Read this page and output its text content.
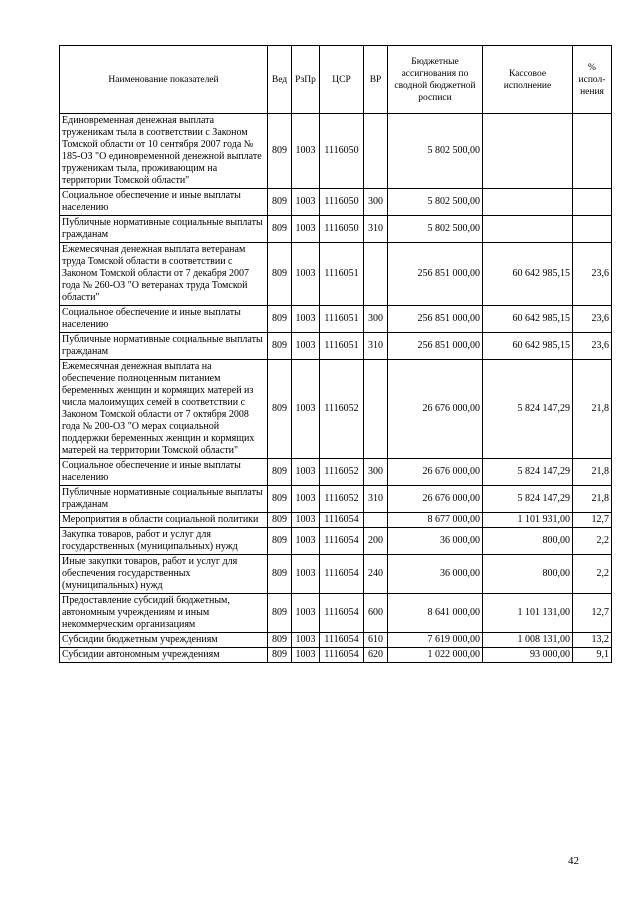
Наименование показателей	Вед	РзПр	ЦСР	ВР	Бюджетные ассигнования по сводной бюджетной росписи	Кассовое исполнение	% испол-нения
Единовременная денежная выплата труженикам тыла в соответствии с Законом Томской области от 10 сентября 2007 года № 185-ОЗ "О единовременной денежной выплате труженикам тыла, проживающим на территории Томской области"	809	1003	1116050		5 802 500,00		
Социальное обеспечение и иные выплаты населению	809	1003	1116050	300	5 802 500,00		
Публичные нормативные социальные выплаты гражданам	809	1003	1116050	310	5 802 500,00		
Ежемесячная денежная выплата ветеранам труда Томской области в соответствии с Законом Томской области от 7 декабря 2007 года № 260-ОЗ "О ветеранах труда Томской области"	809	1003	1116051		256 851 000,00	60 642 985,15	23,6
Социальное обеспечение и иные выплаты населению	809	1003	1116051	300	256 851 000,00	60 642 985,15	23,6
Публичные нормативные социальные выплаты гражданам	809	1003	1116051	310	256 851 000,00	60 642 985,15	23,6
Ежемесячная денежная выплата на обеспечение полноценным питанием беременных женщин и кормящих матерей из числа малоимущих семей в соответствии с Законом Томской области от 7 октября 2008 года № 200-ОЗ "О мерах социальной поддержки беременных женщин и кормящих матерей на территории Томской области"	809	1003	1116052		26 676 000,00	5 824 147,29	21,8
Социальное обеспечение и иные выплаты населению	809	1003	1116052	300	26 676 000,00	5 824 147,29	21,8
Публичные нормативные социальные выплаты гражданам	809	1003	1116052	310	26 676 000,00	5 824 147,29	21,8
Мероприятия в области социальной политики	809	1003	1116054		8 677 000,00	1 101 931,00	12,7
Закупка товаров, работ и услуг для государственных (муниципальных) нужд	809	1003	1116054	200	36 000,00	800,00	2,2
Иные закупки товаров, работ и услуг для обеспечения государственных (муниципальных) нужд	809	1003	1116054	240	36 000,00	800,00	2,2
Предоставление субсидий бюджетным, автономным учреждениям и иным некоммерческим организациям	809	1003	1116054	600	8 641 000,00	1 101 131,00	12,7
Субсидии бюджетным учреждениям	809	1003	1116054	610	7 619 000,00	1 008 131,00	13,2
Субсидии автономным учреждениям	809	1003	1116054	620	1 022 000,00	93 000,00	9,1
42
